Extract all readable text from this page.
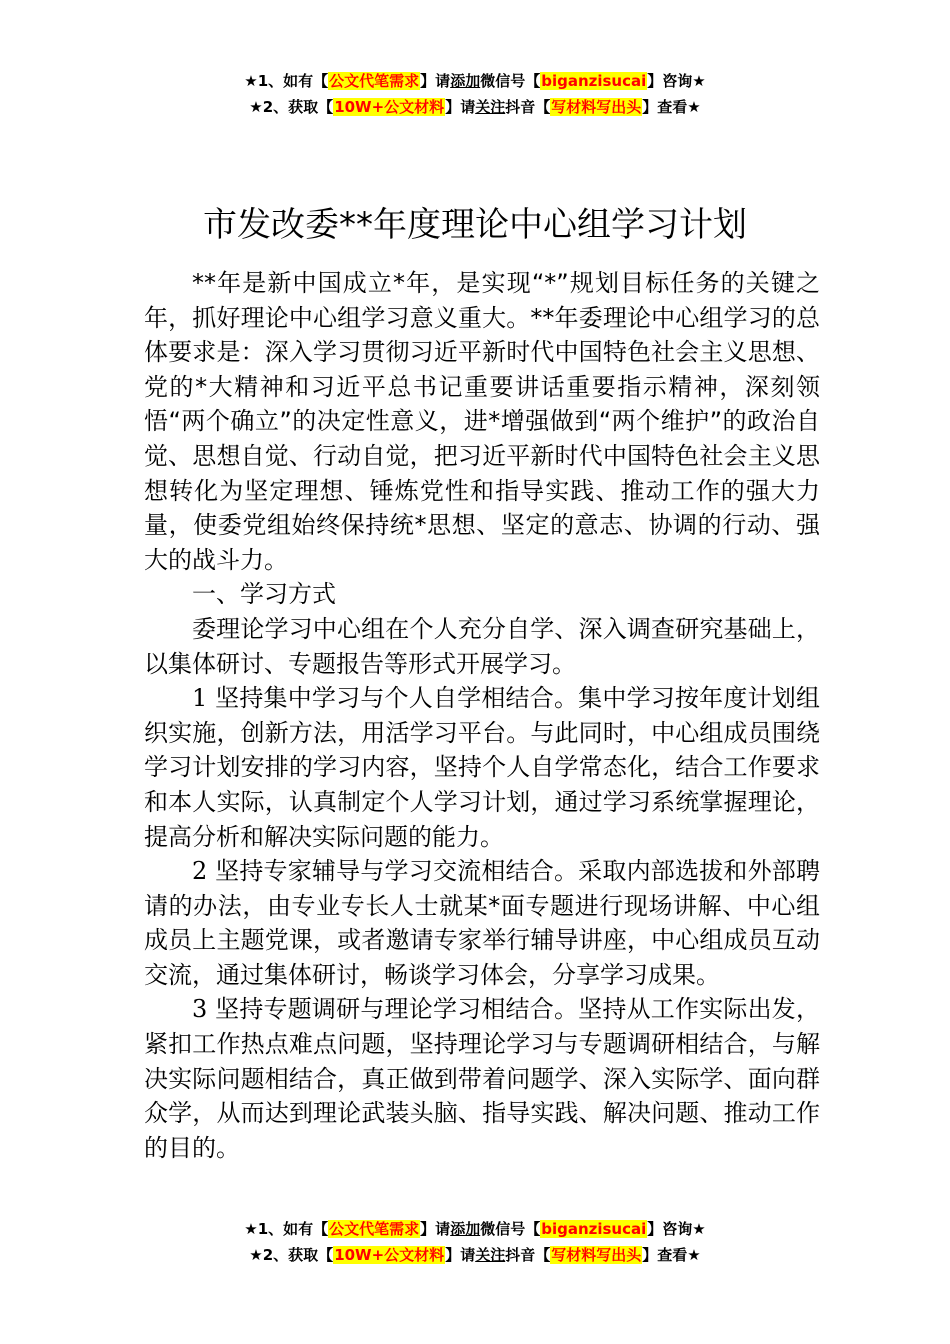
★1、如有【公文代笔需求】请添加微信号【biganzisucai】咨询★
★2、获取【10W+公文材料】请关注抖音【写材料写出头】查看★
市发改委**年度理论中心组学习计划

**年是新中国成立*年，是实现“*”规划目标任务的关键之年，抓好理论中心组学习意义重大。**年委理论中心组学习的总体要求是：深入学习贯彻习近平新时代中国特色社会主义思想、党的*大精神和习近平总书记重要讲话重要指示精神，深刻领悟“两个确立”的决定性意义，进*增强做到“两个维护”的政治自觉、思想自觉、行动自觉，把习近平新时代中国特色社会主义思想转化为坚定理想、锤炼党性和指导实践、推动工作的强大力量，使委党组始终保持统*思想、坚定的意志、协调的行动、强大的战斗力。

一、学习方式

委理论学习中心组在个人充分自学、深入调查研究基础上，以集体研讨、专题报告等形式开展学习。

1 坚持集中学习与个人自学相结合。集中学习按年度计划组织实施，创新方法，用活学习平台。与此同时，中心组成员围绕学习计划安排的学习内容，坚持个人自学常态化，结合工作要求和本人实际，认真制定个人学习计划，通过学习系统掌握理论，提高分析和解决实际问题的能力。

2 坚持专家辅导与学习交流相结合。采取内部选拔和外部聘请的办法，由专业专长人士就某*面专题进行现场讲解、中心组成员上主题党课，或者邀请专家举行辅导讲座，中心组成员互动交流，通过集体研讨，畅谈学习体会，分享学习成果。

3 坚持专题调研与理论学习相结合。坚持从工作实际出发，紧扣工作热点难点问题，坚持理论学习与专题调研相结合，与解决实际问题相结合，真正做到带着问题学、深入实际学、面向群众学，从而达到理论武装头脑、指导实践、解决问题、推动工作的目的。

★1、如有【公文代笔需求】请添加微信号【biganzisucai】咨询★
★2、获取【10W+公文材料】请关注抖音【写材料写出头】查看★
